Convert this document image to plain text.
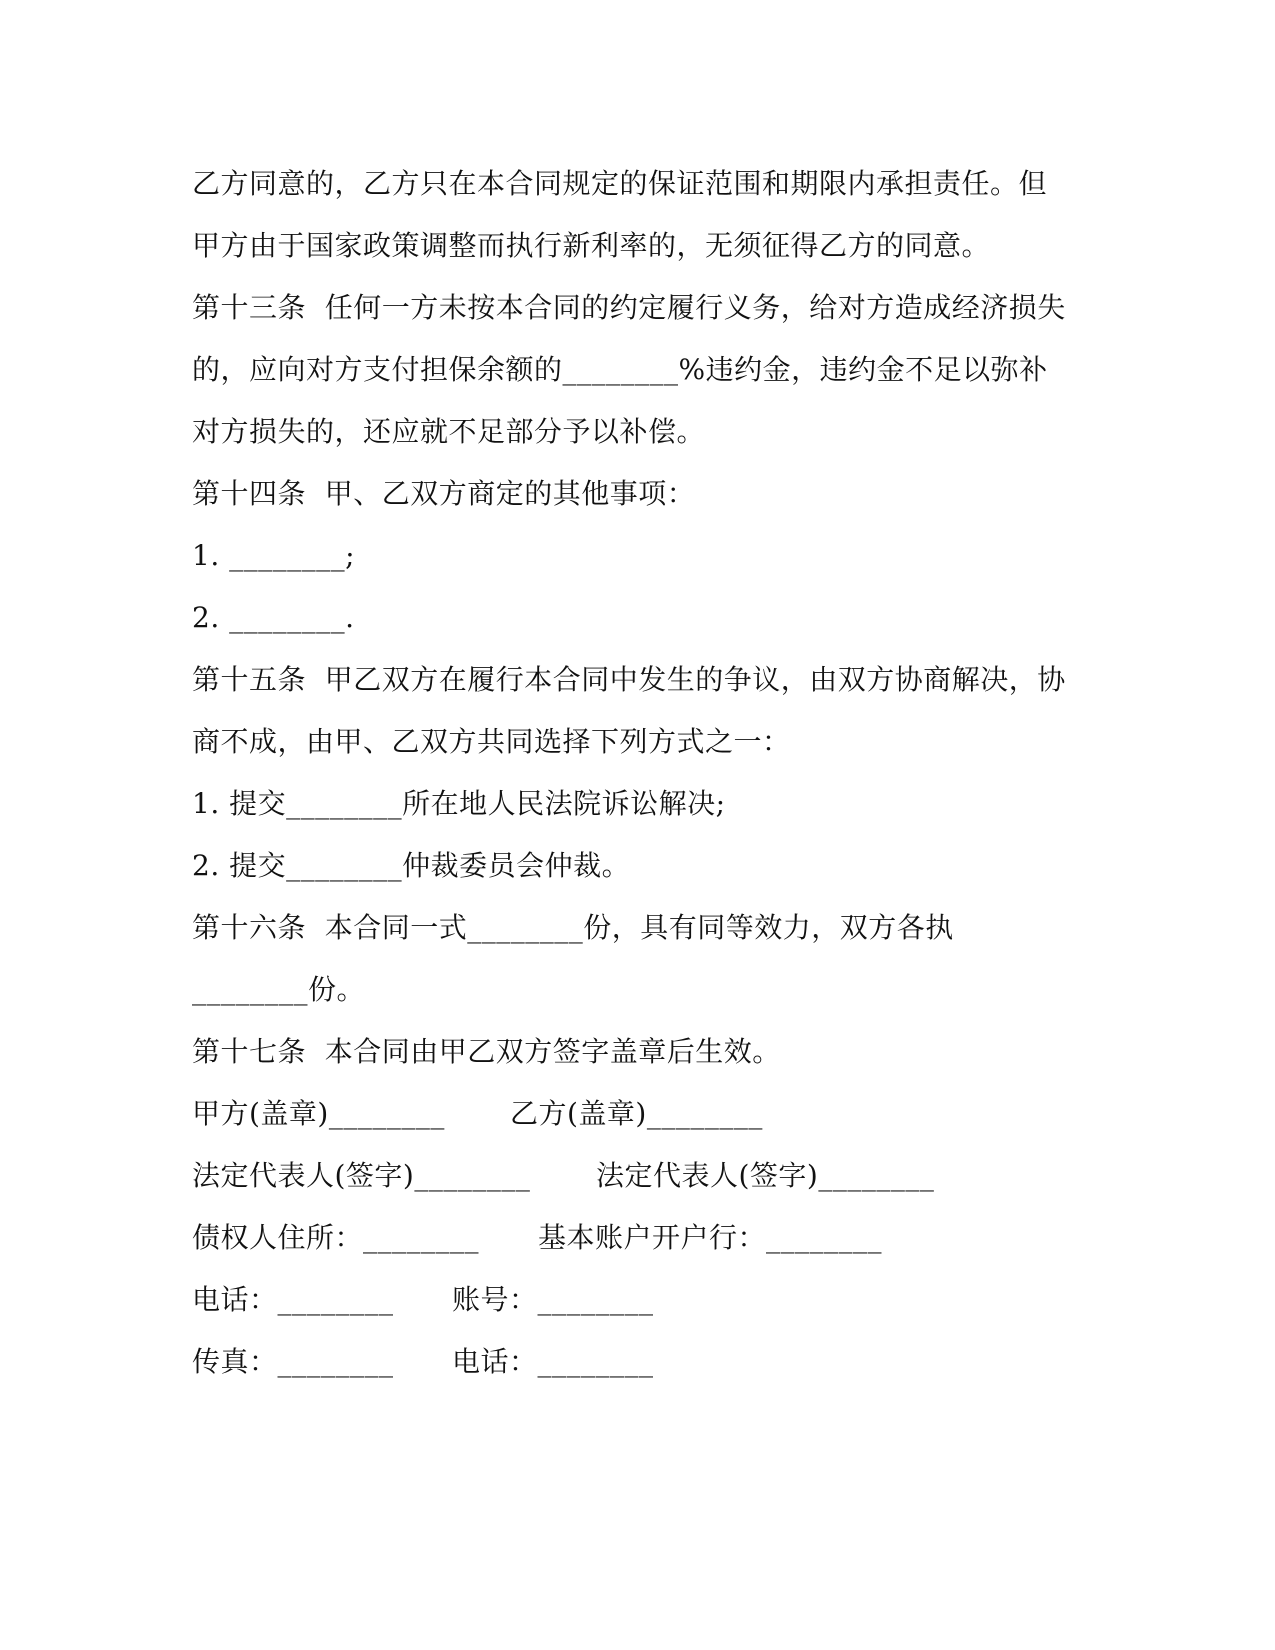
乙方同意的，乙方只在本合同规定的保证范围和期限内承担责任。但
甲方由于国家政策调整而执行新利率的，无须征得乙方的同意。
第十三条  任何一方未按本合同的约定履行义务，给对方造成经济损失
的，应向对方支付担保余额的________%违约金，违约金不足以弥补
对方损失的，还应就不足部分予以补偿。
第十四条  甲、乙双方商定的其他事项：
1. ________;
2. ________.
第十五条  甲乙双方在履行本合同中发生的争议，由双方协商解决，协
商不成，由甲、乙双方共同选择下列方式之一：
1. 提交________所在地人民法院诉讼解决;
2. 提交________仲裁委员会仲裁。
第十六条  本合同一式________份，具有同等效力，双方各执
________份。
第十七条  本合同由甲乙双方签字盖章后生效。
甲方(盖章)________ 乙方(盖章)________
法定代表人(签字)________ 法定代表人(签字)________
债权人住所：________ 基本账户开户行：________
电话：________ 账号：________
传真：________ 电话：________
